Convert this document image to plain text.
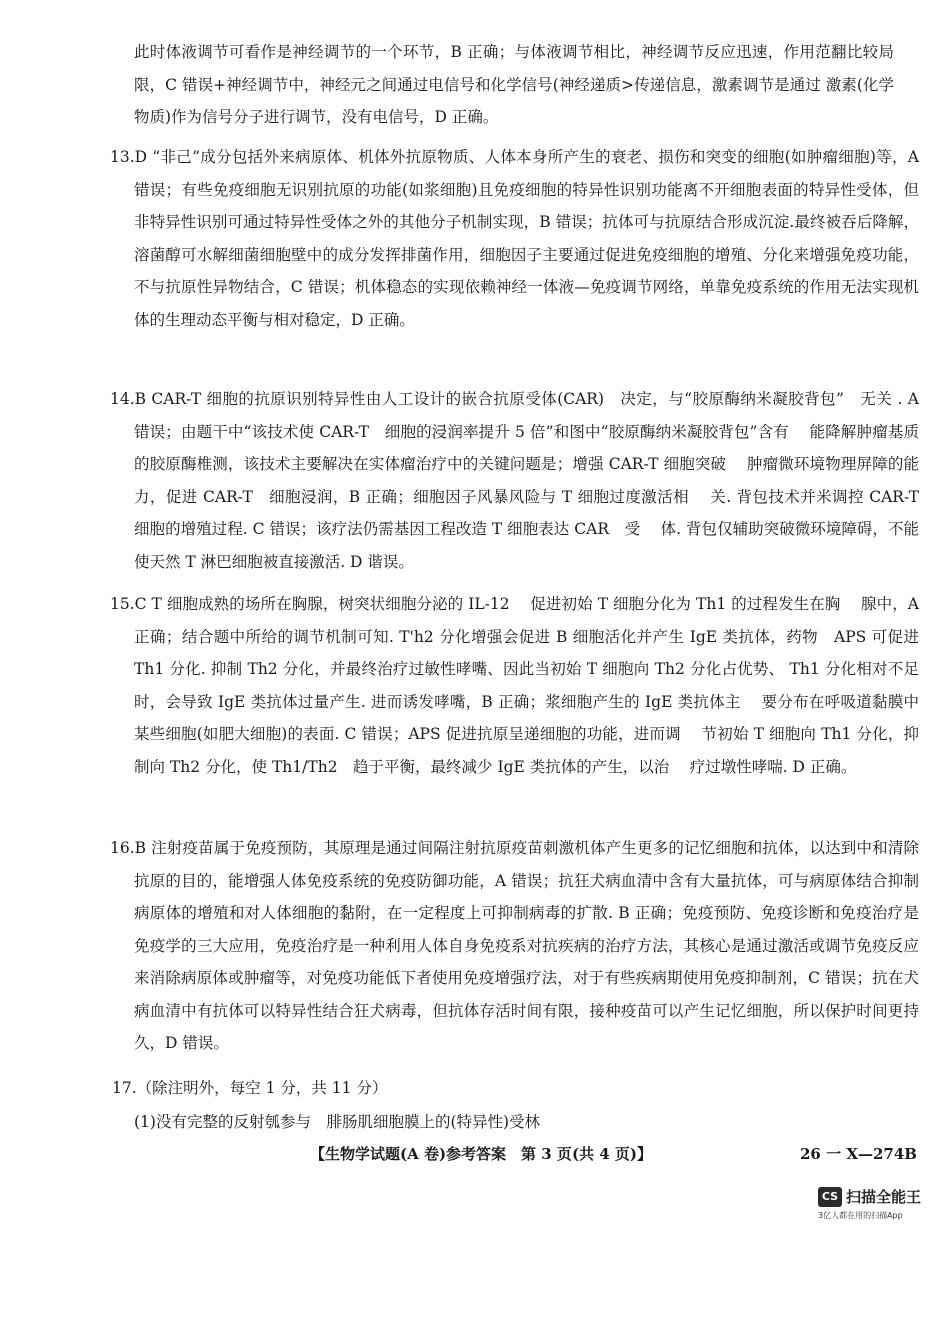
此时体液调节可看作是神经调节的一个环节，B 正确；与体液调节相比，神经调节反应迅速，作用范翻比较局限，C 错误+神经调节中，神经元之间通过电信号和化学信号(神经递质>传递信息，激素调节是通过 激素(化学物质)作为信号分子进行调节，没有电信号，D 正确。

13.D “非己”成分包括外来病原体、机体外抗原物质、人体本身所产生的衰老、损伤和突变的细胞(如肿瘤细胞)等，A 错误；有些免疫细胞无识别抗原的功能(如浆细胞)且免疫细胞的特异性识别功能离不开细胞表面的特异性受体，但非特异性识别可通过特异性受体之外的其他分子机制实现，B 错误；抗体可与抗原结合形成沉淀.最终被吞后降解，溶菌醇可水解细菌细胞壁中的成分发挥排菌作用，细胞因子主要通过促进免疫细胞的增殖、分化来增强免疫功能，不与抗原性异物结合，C 错误；机体稳态的实现依赖神经一体液—免疫调节网络，单靠免疫系统的作用无法实现机体的生理动态平衡与相对稳定，D 正确。

14.B CAR-T 细胞的抗原识别特异性由人工设计的嵌合抗原受体(CAR)　决定，与“胶原酶纳米凝胶背包”　无关 . A 错误；由题干中“该技术使 CAR-T　细胞的浸润率提升 5 倍”和图中“胶原酶纳米凝胶背包”含有　 能降解肿瘤基质的胶原酶椎测，该技术主要解决在实体瘤治疗中的关键问题是；增强 CAR-T 细胞突破　 肿瘤微环境物理屏障的能力，促进 CAR-T　细胞浸润，B 正确；细胞因子风暴风险与 T 细胞过度激活相　 关. 背包技术并米调控 CAR-T　 细胞的增殖过程. C 错误；该疗法仍需基因工程改造 T 细胞表达 CAR　受　 体. 背包仅辅助突破微环境障碍，不能使天然 T 淋巴细胞被直接激活. D 谐误。

15.C T 细胞成熟的场所在胸腺，树突状细胞分泌的 IL-12　 促进初始 T 细胞分化为 Th1 的过程发生在胸　 腺中，A 正确；结合题中所给的调节机制可知. T'h2 分化增强会促进 B 细胞活化并产生 IgE 类抗体，药物　APS 可促进 Th1 分化. 抑制 Th2 分化，并最终治疗过敏性哮嘴、因此当初始 T 细胞向 Th2 分化占优势、 Th1 分化相对不足时，会导致 IgE 类抗体过量产生. 进而诱发哮嘴，B 正确；浆细胞产生的 IgE 类抗体主　 要分布在呼吸道黏膜中某些细胞(如肥大细胞)的表面. C 错误；APS 促进抗原呈递细胞的功能，进而调　 节初始 T 细胞向 Th1 分化，抑制向 Th2 分化，使 Th1/Th2　趋于平衡，最终减少 IgE 类抗体的产生，以治　 疗过墩性哮喘. D 正确。

16.B 注射疫苗属于免疫预防，其原理是通过间隔注射抗原疫苗刺激机体产生更多的记忆细胞和抗体，以达到中和清除抗原的目的，能增强人体免疫系统的免疫防御功能，A 错误；抗狂犬病血清中含有大量抗体，可与病原体结合抑制病原体的增殖和对人体细胞的黏附，在一定程度上可抑制病毒的扩散. B 正确；免疫预防、免疫诊断和免疫治疗是免疫学的三大应用，免疫治疗是一种利用人体自身免疫系对抗疾病的治疗方法，其核心是通过激活或调节免疫反应来消除病原体或肿瘤等，对免疫功能低下者使用免疫增强疗法，对于有些疾病期使用免疫抑制剂，C 错误；抗在犬病血清中有抗体可以特异性结合狂犬病毒，但抗体存活时间有限，接种疫苗可以产生记忆细胞，所以保护时间更持久，D 错误。

17.（除注明外，每空 1 分，共 11 分）
(1)没有完整的反射瓠参与　腓肠肌细胞膜上的(特异性)受林
【生物学试题(A 卷)参考答案　第 3 页(共 4 页)】	26 一 X—274B
CS 扫描全能王
3亿人都在用的扫描App
